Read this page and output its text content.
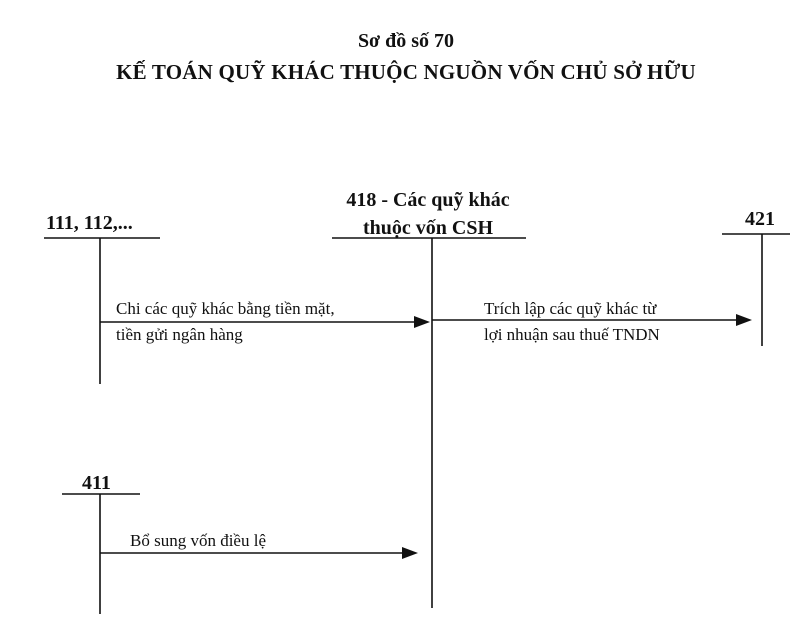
Sơ đồ số 70
KẾ TOÁN QUỸ KHÁC THUỘC NGUỒN VỐN CHỦ SỞ HỮU
111, 112,...
418 - Các quỹ khác
thuộc vốn CSH	421
411
Chi các quỹ khác bằng tiền mặt,
tiền gửi ngân hàng
Trích lập các quỹ khác từ
lợi nhuận sau thuế TNDN
Bổ sung vốn điều lệ
